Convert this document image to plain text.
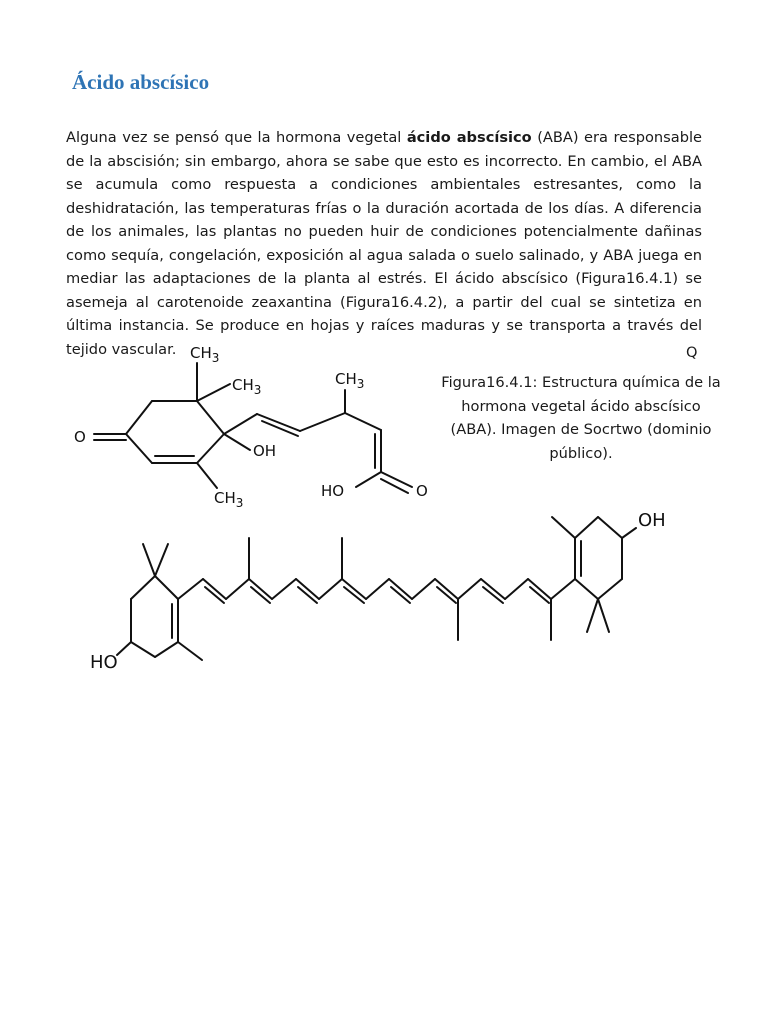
Ácido abscísico

Alguna vez se pensó que la hormona vegetal ácido abscísico (ABA) era responsable de la abscisión; sin embargo, ahora se sabe que esto es incorrecto. En cambio, el ABA se acumula como respuesta a condiciones ambientales estresantes, como la deshidratación, las temperaturas frías o la duración acortada de los días. A diferencia de los animales, las plantas no pueden huir de condiciones potencialmente dañinas como sequía, congelación, exposición al agua salada o suelo salinado, y ABA juega en mediar las adaptaciones de la planta al estrés. El ácido abscísico (Figura16.4.1) se asemeja al carotenoide zeaxantina (Figura16.4.2), a partir del cual se sintetiza en última instancia. Se produce en hojas y raíces maduras y se transporta a través del tejido vascular.	Q
Figura16.4.1: Estructura química de la hormona vegetal ácido abscísico (ABA). Imagen de Socrtwo (dominio público).
$CH_3$
$CH_3$
$CH_3$
OH
$CH_3$
HO	O
O
OH
HO
